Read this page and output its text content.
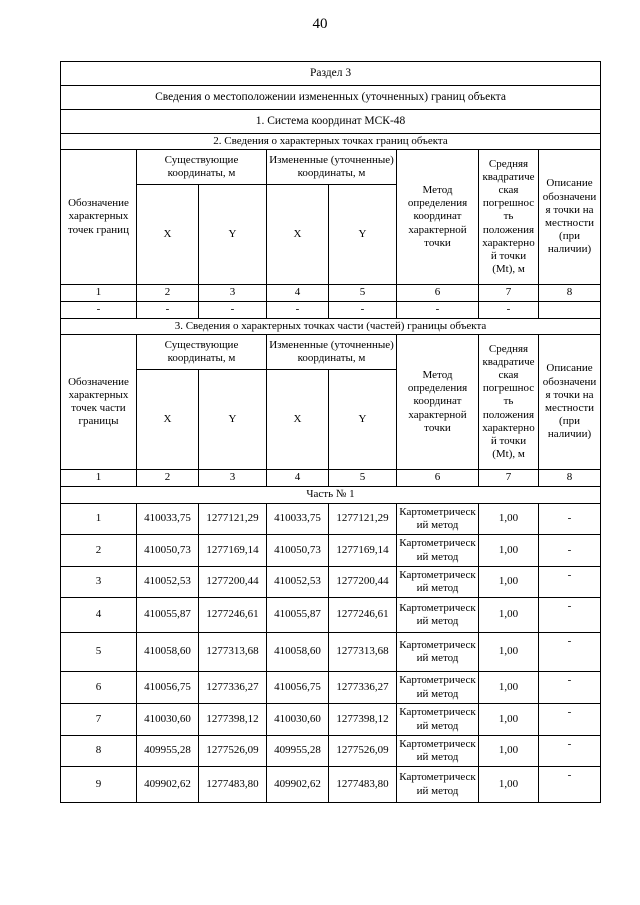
40
Раздел 3							
Сведения о местоположении измененных (уточненных) границ объекта							
1. Система координат МСК-48							
2. Сведения о характерных точках границ объекта							
Обозначение характерных точек границ	Существующие координаты, м		Измененные (уточненные) координаты, м		Метод определения координат характерной точки	Средняя квадратическая погрешность положения характерной точки (Mt), м	Описание обозначения точки на местности (при наличии)
	X	Y	X	Y			
1	2	3	4	5	6	7	8
-	-	-	-	-	-	-	
3. Сведения о характерных точках части (частей) границы объекта							
Обозначение характерных точек части границы	Существующие координаты, м		Измененные (уточненные) координаты, м		Метод определения координат характерной точки	Средняя квадратическая погрешность положения характерной точки (Mt), м	Описание обозначения точки на местности (при наличии)
	X	Y	X	Y			
1	2	3	4	5	6	7	8
Часть № 1							
1	410033,75	1277121,29	410033,75	1277121,29	Картометрический метод	1,00	-
2	410050,73	1277169,14	410050,73	1277169,14	Картометрический метод	1,00	-
3	410052,53	1277200,44	410052,53	1277200,44	Картометрический метод	1,00	-
4	410055,87	1277246,61	410055,87	1277246,61	Картометрический метод	1,00	-
5	410058,60	1277313,68	410058,60	1277313,68	Картометрический метод	1,00	-
6	410056,75	1277336,27	410056,75	1277336,27	Картометрический метод	1,00	-
7	410030,60	1277398,12	410030,60	1277398,12	Картометрический метод	1,00	-
8	409955,28	1277526,09	409955,28	1277526,09	Картометрический метод	1,00	-
9	409902,62	1277483,80	409902,62	1277483,80	Картометрический метод	1,00	-
